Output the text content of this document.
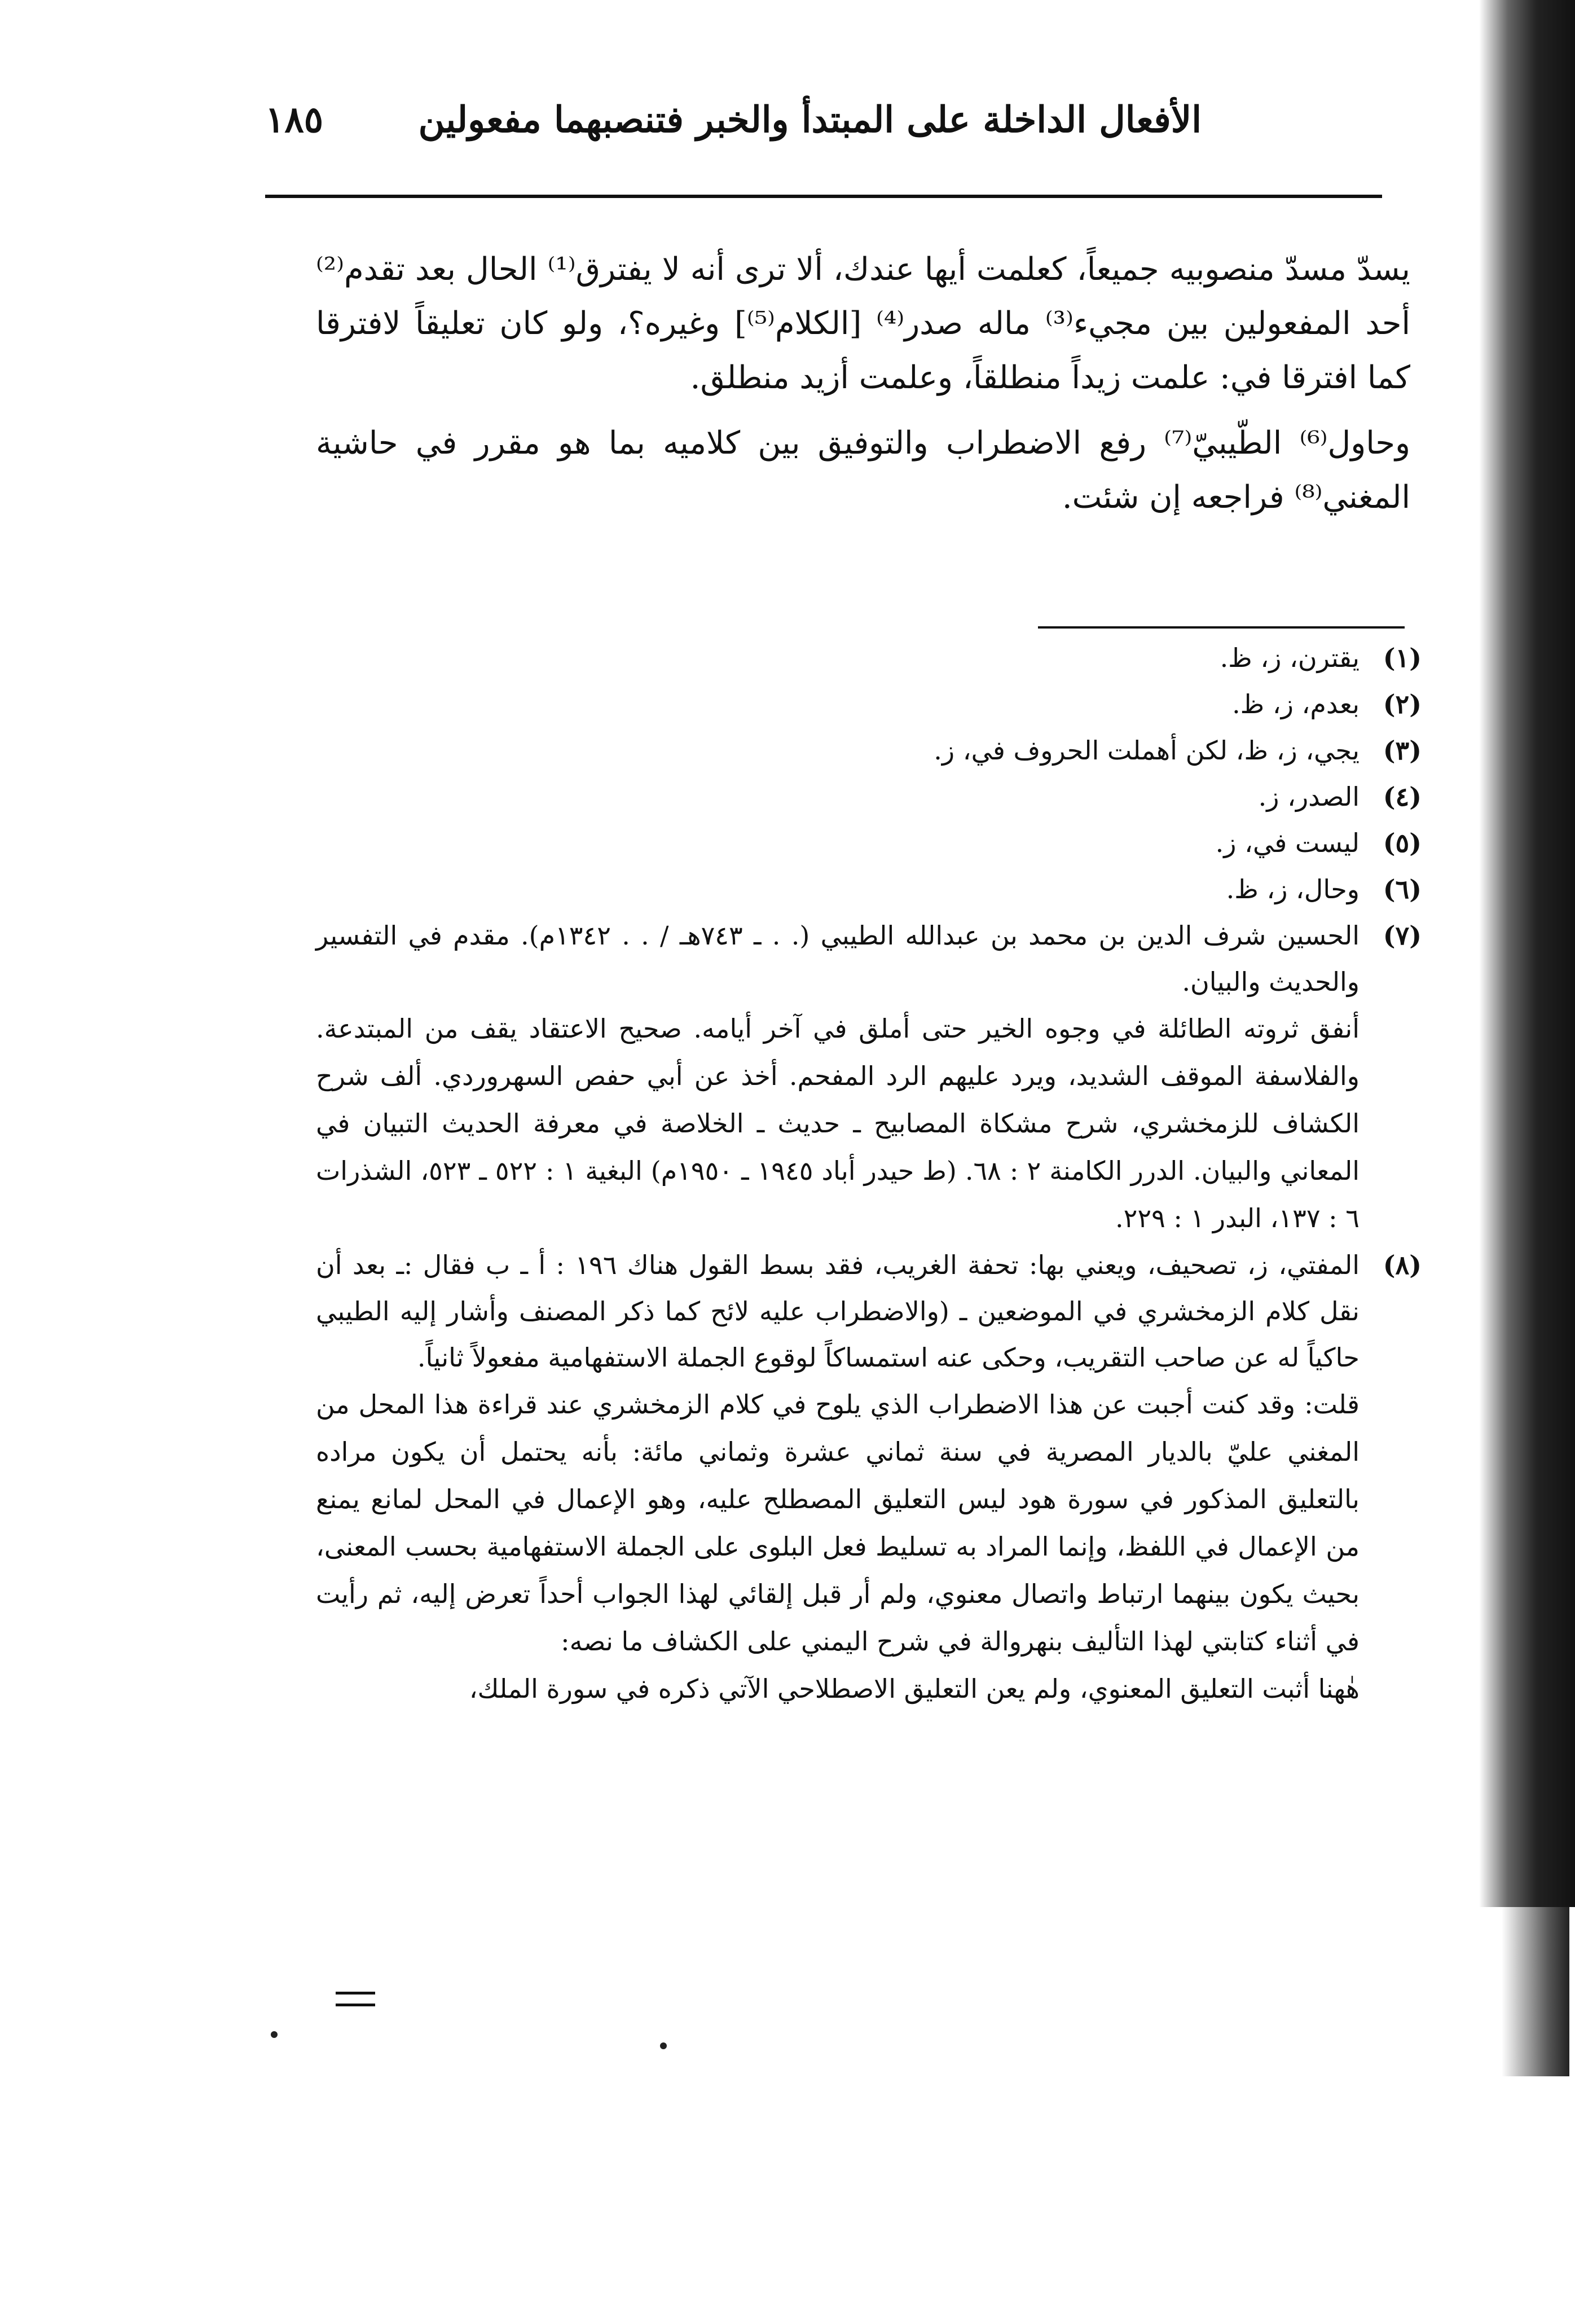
الأفعال الداخلة على المبتدأ والخبر فتنصبهما مفعولين
١٨٥

يسدّ مسدّ منصوبيه جميعاً، كعلمت أيها عندك، ألا ترى أنه لا يفترق⁽¹⁾ الحال بعد تقدم⁽²⁾ أحد المفعولين بين مجيء⁽³⁾ ماله صدر⁽⁴⁾ [الكلام⁽⁵⁾] وغيره؟، ولو كان تعليقاً لافترقا كما افترقا في: علمت زيداً منطلقاً، وعلمت أزيد منطلق.

وحاول⁽⁶⁾ الطّيبيّ⁽⁷⁾ رفع الاضطراب والتوفيق بين كلاميه بما هو مقرر في حاشية المغني⁽⁸⁾ فراجعه إن شئت.

(١)
يقترن، ز، ظ.
(٢)
بعدم، ز، ظ.
(٣)
يجي، ز، ظ، لكن أهملت الحروف في، ز.
(٤)
الصدر، ز.
(٥)
ليست في، ز.
(٦)
وحال، ز، ظ.
(٧)
الحسين شرف الدين بن محمد بن عبدالله الطيبي (. . ـ ٧٤٣هـ / . . ١٣٤٢م). مقدم في التفسير والحديث والبيان.

أنفق ثروته الطائلة في وجوه الخير حتى أملق في آخر أيامه. صحيح الاعتقاد يقف من المبتدعة. والفلاسفة الموقف الشديد، ويرد عليهم الرد المفحم. أخذ عن أبي حفص السهروردي. ألف شرح الكشاف للزمخشري، شرح مشكاة المصابيح ـ حديث ـ الخلاصة في معرفة الحديث التبيان في المعاني والبيان. الدرر الكامنة ٢ : ٦٨. (ط حيدر أباد ١٩٤٥ ـ ١٩٥٠م) البغية ١ : ٥٢٢ ـ ٥٢٣، الشذرات ٦ : ١٣٧، البدر ١ : ٢٢٩.

(٨)
المفتي، ز، تصحيف، ويعني بها: تحفة الغريب، فقد بسط القول هناك ١٩٦ : أ ـ ب فقال :ـ بعد أن نقل كلام الزمخشري في الموضعين ـ (والاضطراب عليه لائح كما ذكر المصنف وأشار إليه الطيبي حاكياً له عن صاحب التقريب، وحكى عنه استمساكاً لوقوع الجملة الاستفهامية مفعولاً ثانياً.

قلت: وقد كنت أجبت عن هذا الاضطراب الذي يلوح في كلام الزمخشري عند قراءة هذا المحل من المغني عليّ بالديار المصرية في سنة ثماني عشرة وثماني مائة: بأنه يحتمل أن يكون مراده بالتعليق المذكور في سورة هود ليس التعليق المصطلح عليه، وهو الإعمال في المحل لمانع يمنع من الإعمال في اللفظ، وإنما المراد به تسليط فعل البلوى على الجملة الاستفهامية بحسب المعنى، بحيث يكون بينهما ارتباط واتصال معنوي، ولم أر قبل إلقائي لهذا الجواب أحداً تعرض إليه، ثم رأيت في أثناء كتابتي لهذا التأليف بنهروالة في شرح اليمني على الكشاف ما نصه:

هٰهنا أثبت التعليق المعنوي، ولم يعن التعليق الاصطلاحي الآتي ذكره في سورة الملك،
